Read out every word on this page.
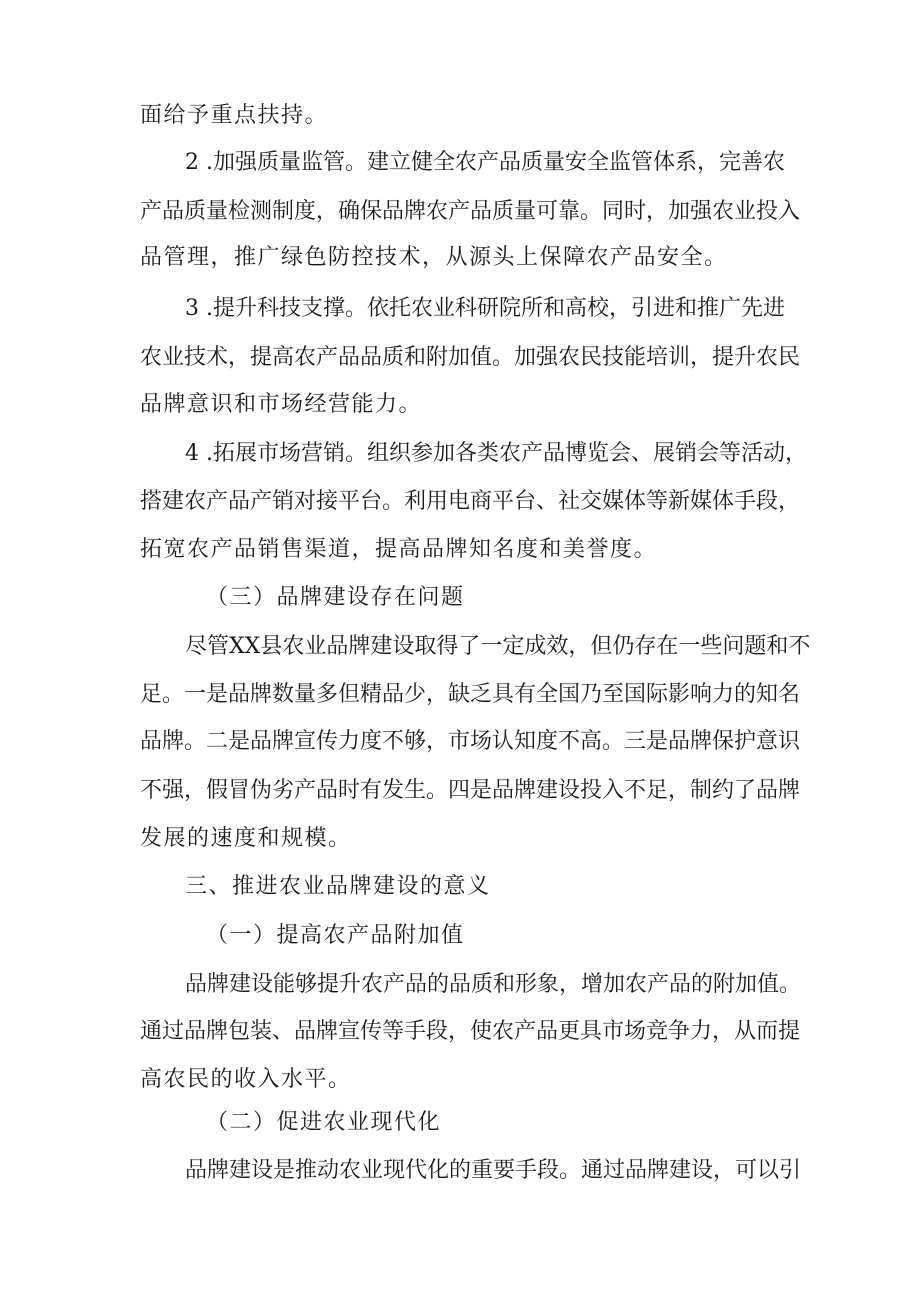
面给予重点扶持。
2 .加强质量监管。建立健全农产品质量安全监管体系，完善农
产品质量检测制度，确保品牌农产品质量可靠。同时，加强农业投入
品管理，推广绿色防控技术，从源头上保障农产品安全。
3 .提升科技支撑。依托农业科研院所和高校，引进和推广先进
农业技术，提高农产品品质和附加值。加强农民技能培训，提升农民
品牌意识和市场经营能力。
4 .拓展市场营销。组织参加各类农产品博览会、展销会等活动，
搭建农产品产销对接平台。利用电商平台、社交媒体等新媒体手段，
拓宽农产品销售渠道，提高品牌知名度和美誉度。
（三）品牌建设存在问题
尽管XX县农业品牌建设取得了一定成效，但仍存在一些问题和不
足。一是品牌数量多但精品少，缺乏具有全国乃至国际影响力的知名
品牌。二是品牌宣传力度不够，市场认知度不高。三是品牌保护意识
不强，假冒伪劣产品时有发生。四是品牌建设投入不足，制约了品牌
发展的速度和规模。
三、推进农业品牌建设的意义
（一）提高农产品附加值
品牌建设能够提升农产品的品质和形象，增加农产品的附加值。
通过品牌包装、品牌宣传等手段，使农产品更具市场竞争力，从而提
高农民的收入水平。
（二）促进农业现代化
品牌建设是推动农业现代化的重要手段。通过品牌建设，可以引
